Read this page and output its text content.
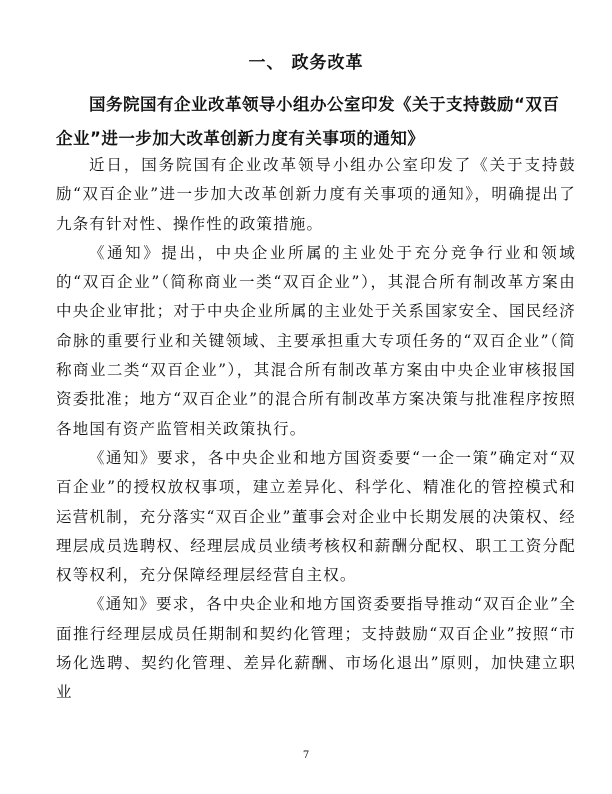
一、 政务改革
国务院国有企业改革领导小组办公室印发《关于支持鼓励“双百企业”进一步加大改革创新力度有关事项的通知》

近日，国务院国有企业改革领导小组办公室印发了《关于支持鼓励“双百企业”进一步加大改革创新力度有关事项的通知》，明确提出了九条有针对性、操作性的政策措施。

《通知》提出，中央企业所属的主业处于充分竞争行业和领域的“双百企业”（简称商业一类“双百企业”），其混合所有制改革方案由中央企业审批；对于中央企业所属的主业处于关系国家安全、国民经济命脉的重要行业和关键领域、主要承担重大专项任务的“双百企业”（简称商业二类“双百企业”），其混合所有制改革方案由中央企业审核报国资委批准；地方“双百企业”的混合所有制改革方案决策与批准程序按照各地国有资产监管相关政策执行。

《通知》要求，各中央企业和地方国资委要“一企一策”确定对“双百企业”的授权放权事项，建立差异化、科学化、精准化的管控模式和运营机制，充分落实“双百企业”董事会对企业中长期发展的决策权、经理层成员选聘权、经理层成员业绩考核权和薪酬分配权、职工工资分配权等权利，充分保障经理层经营自主权。

《通知》要求，各中央企业和地方国资委要指导推动“双百企业”全面推行经理层成员任期制和契约化管理；支持鼓励“双百企业”按照“市场化选聘、契约化管理、差异化薪酬、市场化退出”原则，加快建立职业

7
